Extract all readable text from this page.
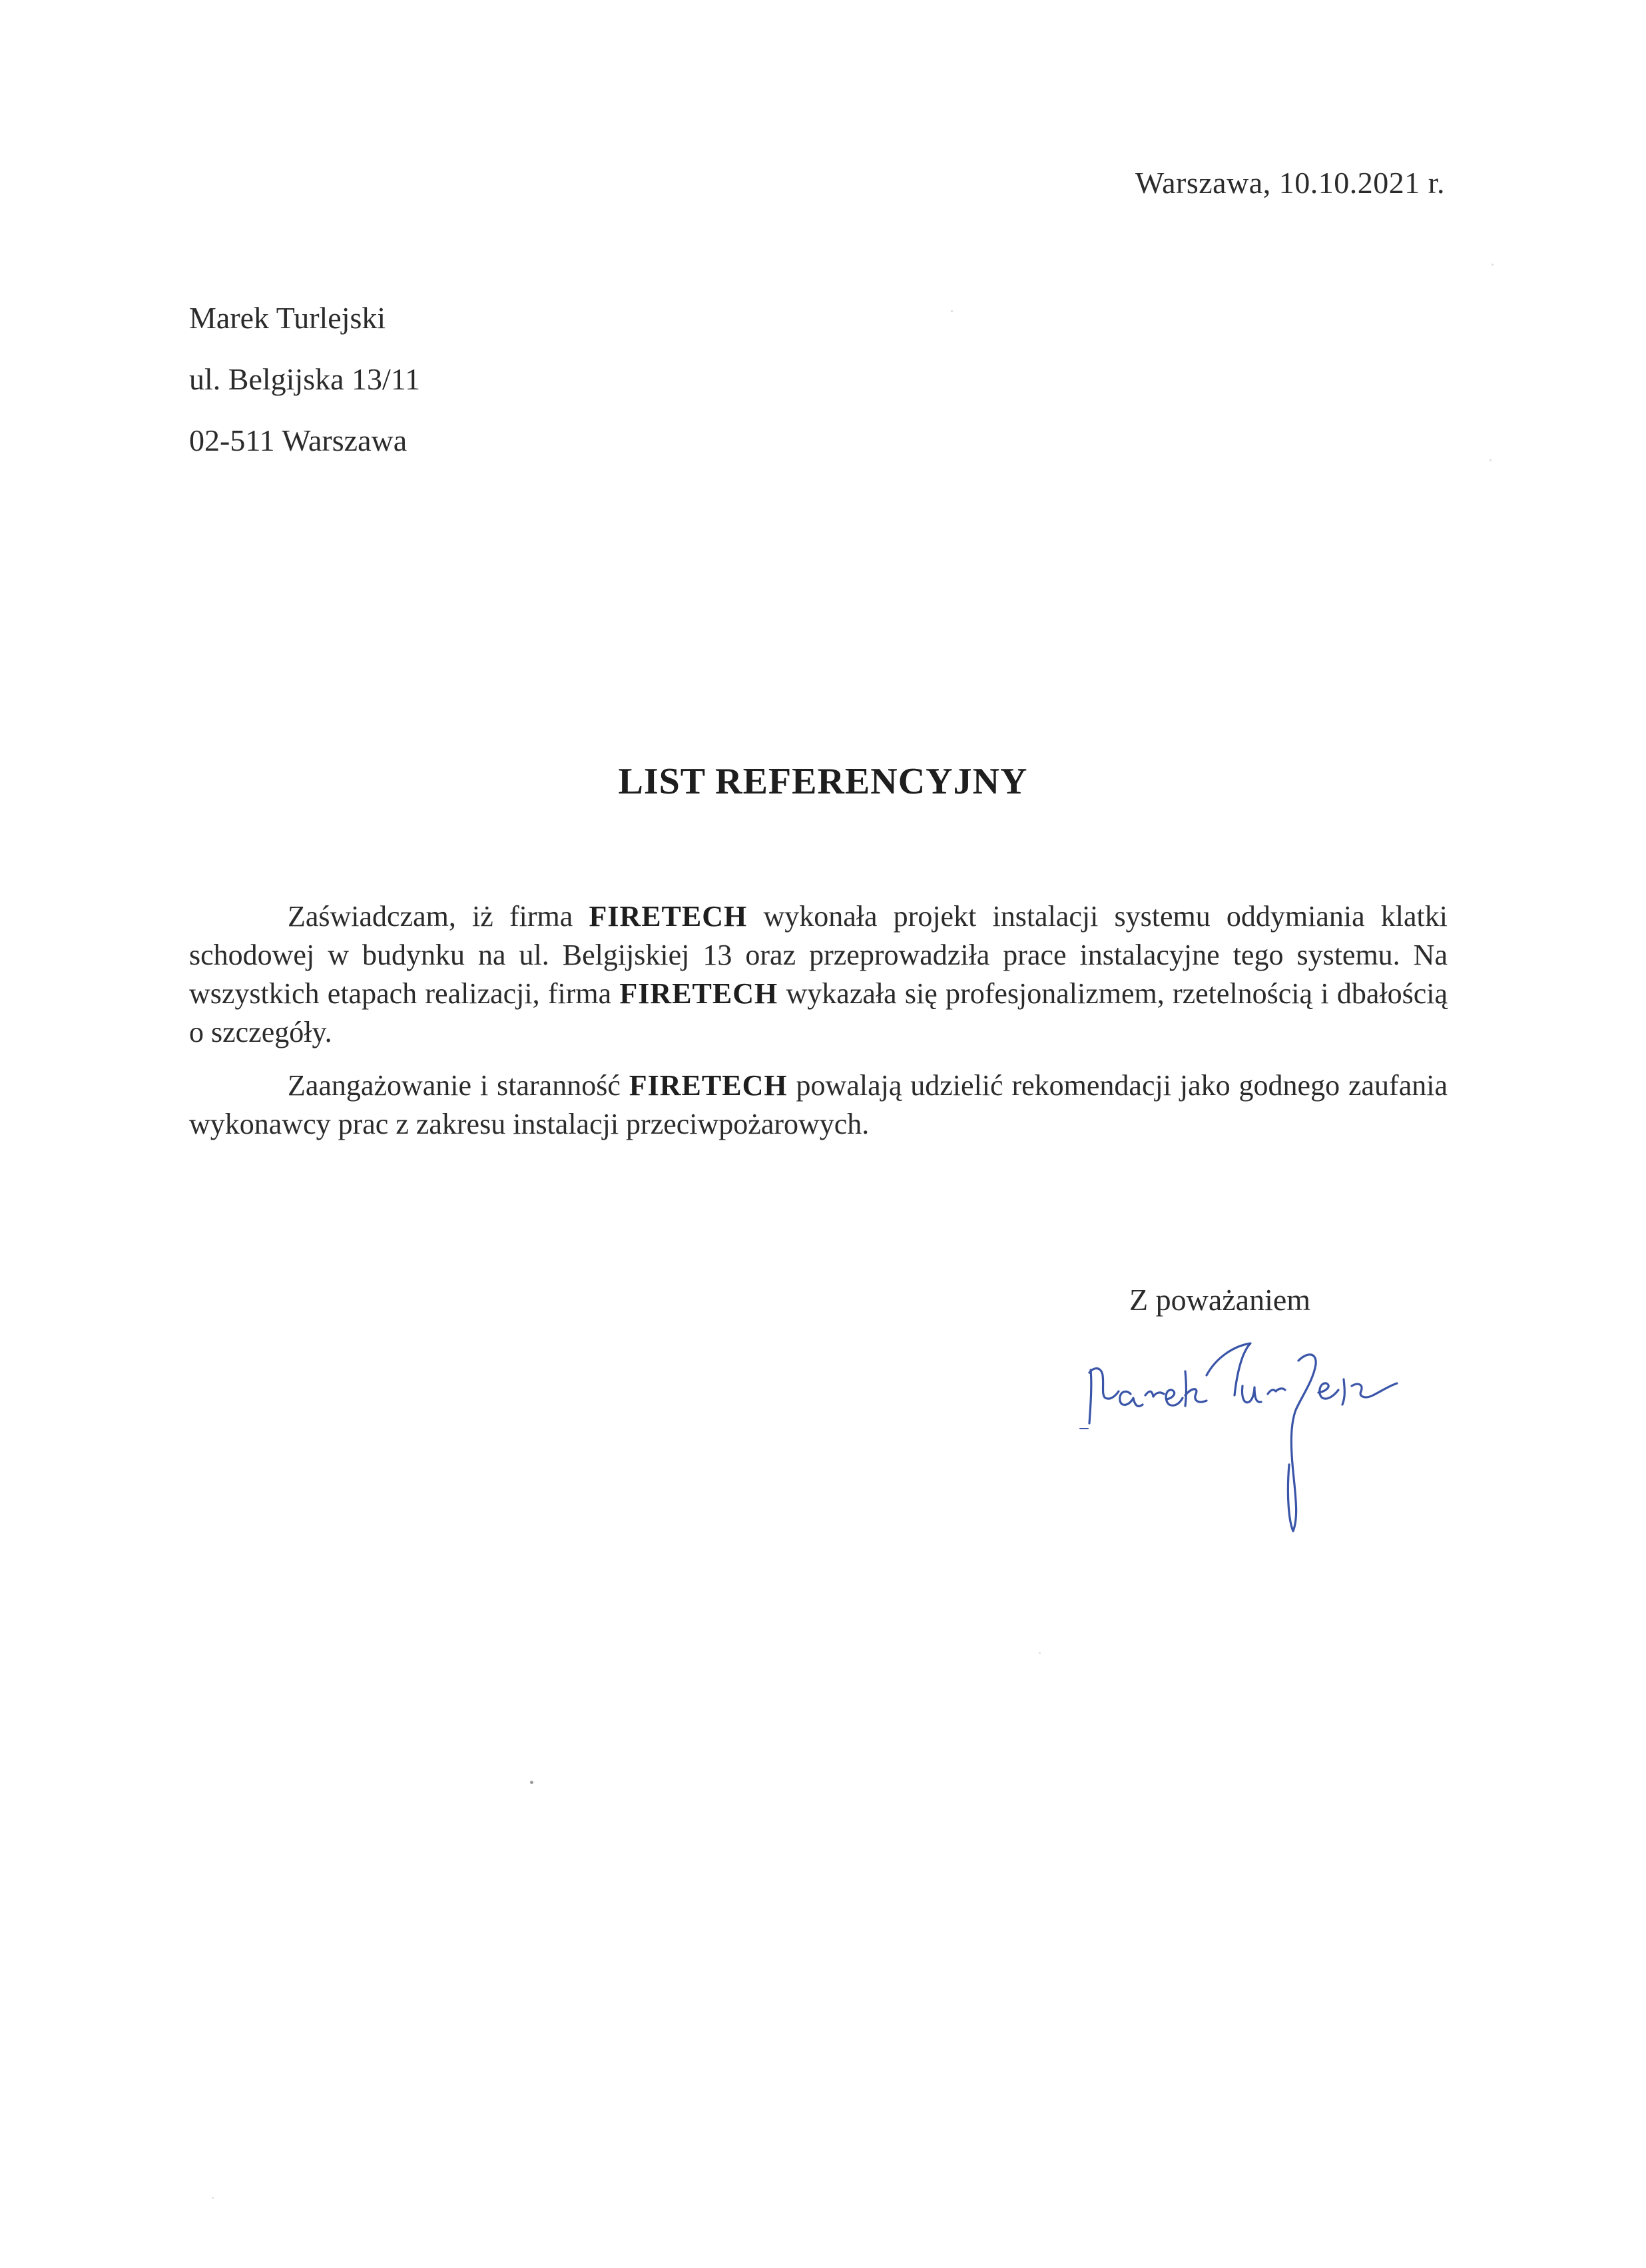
Warszawa, 10.10.2021 r.
Marek Turlejski
ul. Belgijska 13/11
02-511 Warszawa
LIST REFERENCYJNY

Zaświadczam, iż firma FIRETECH wykonała projekt instalacji systemu oddymiania klatki schodowej w budynku na ul. Belgijskiej 13 oraz przeprowadziła prace instalacyjne tego systemu. Na wszystkich etapach realizacji, firma FIRETECH wykazała się profesjonalizmem, rzetelnością i dbałością o szczegóły.

Zaangażowanie i staranność FIRETECH powalają udzielić rekomendacji jako godnego zaufania wykonawcy prac z zakresu instalacji przeciwpożarowych.

Z poważaniem
